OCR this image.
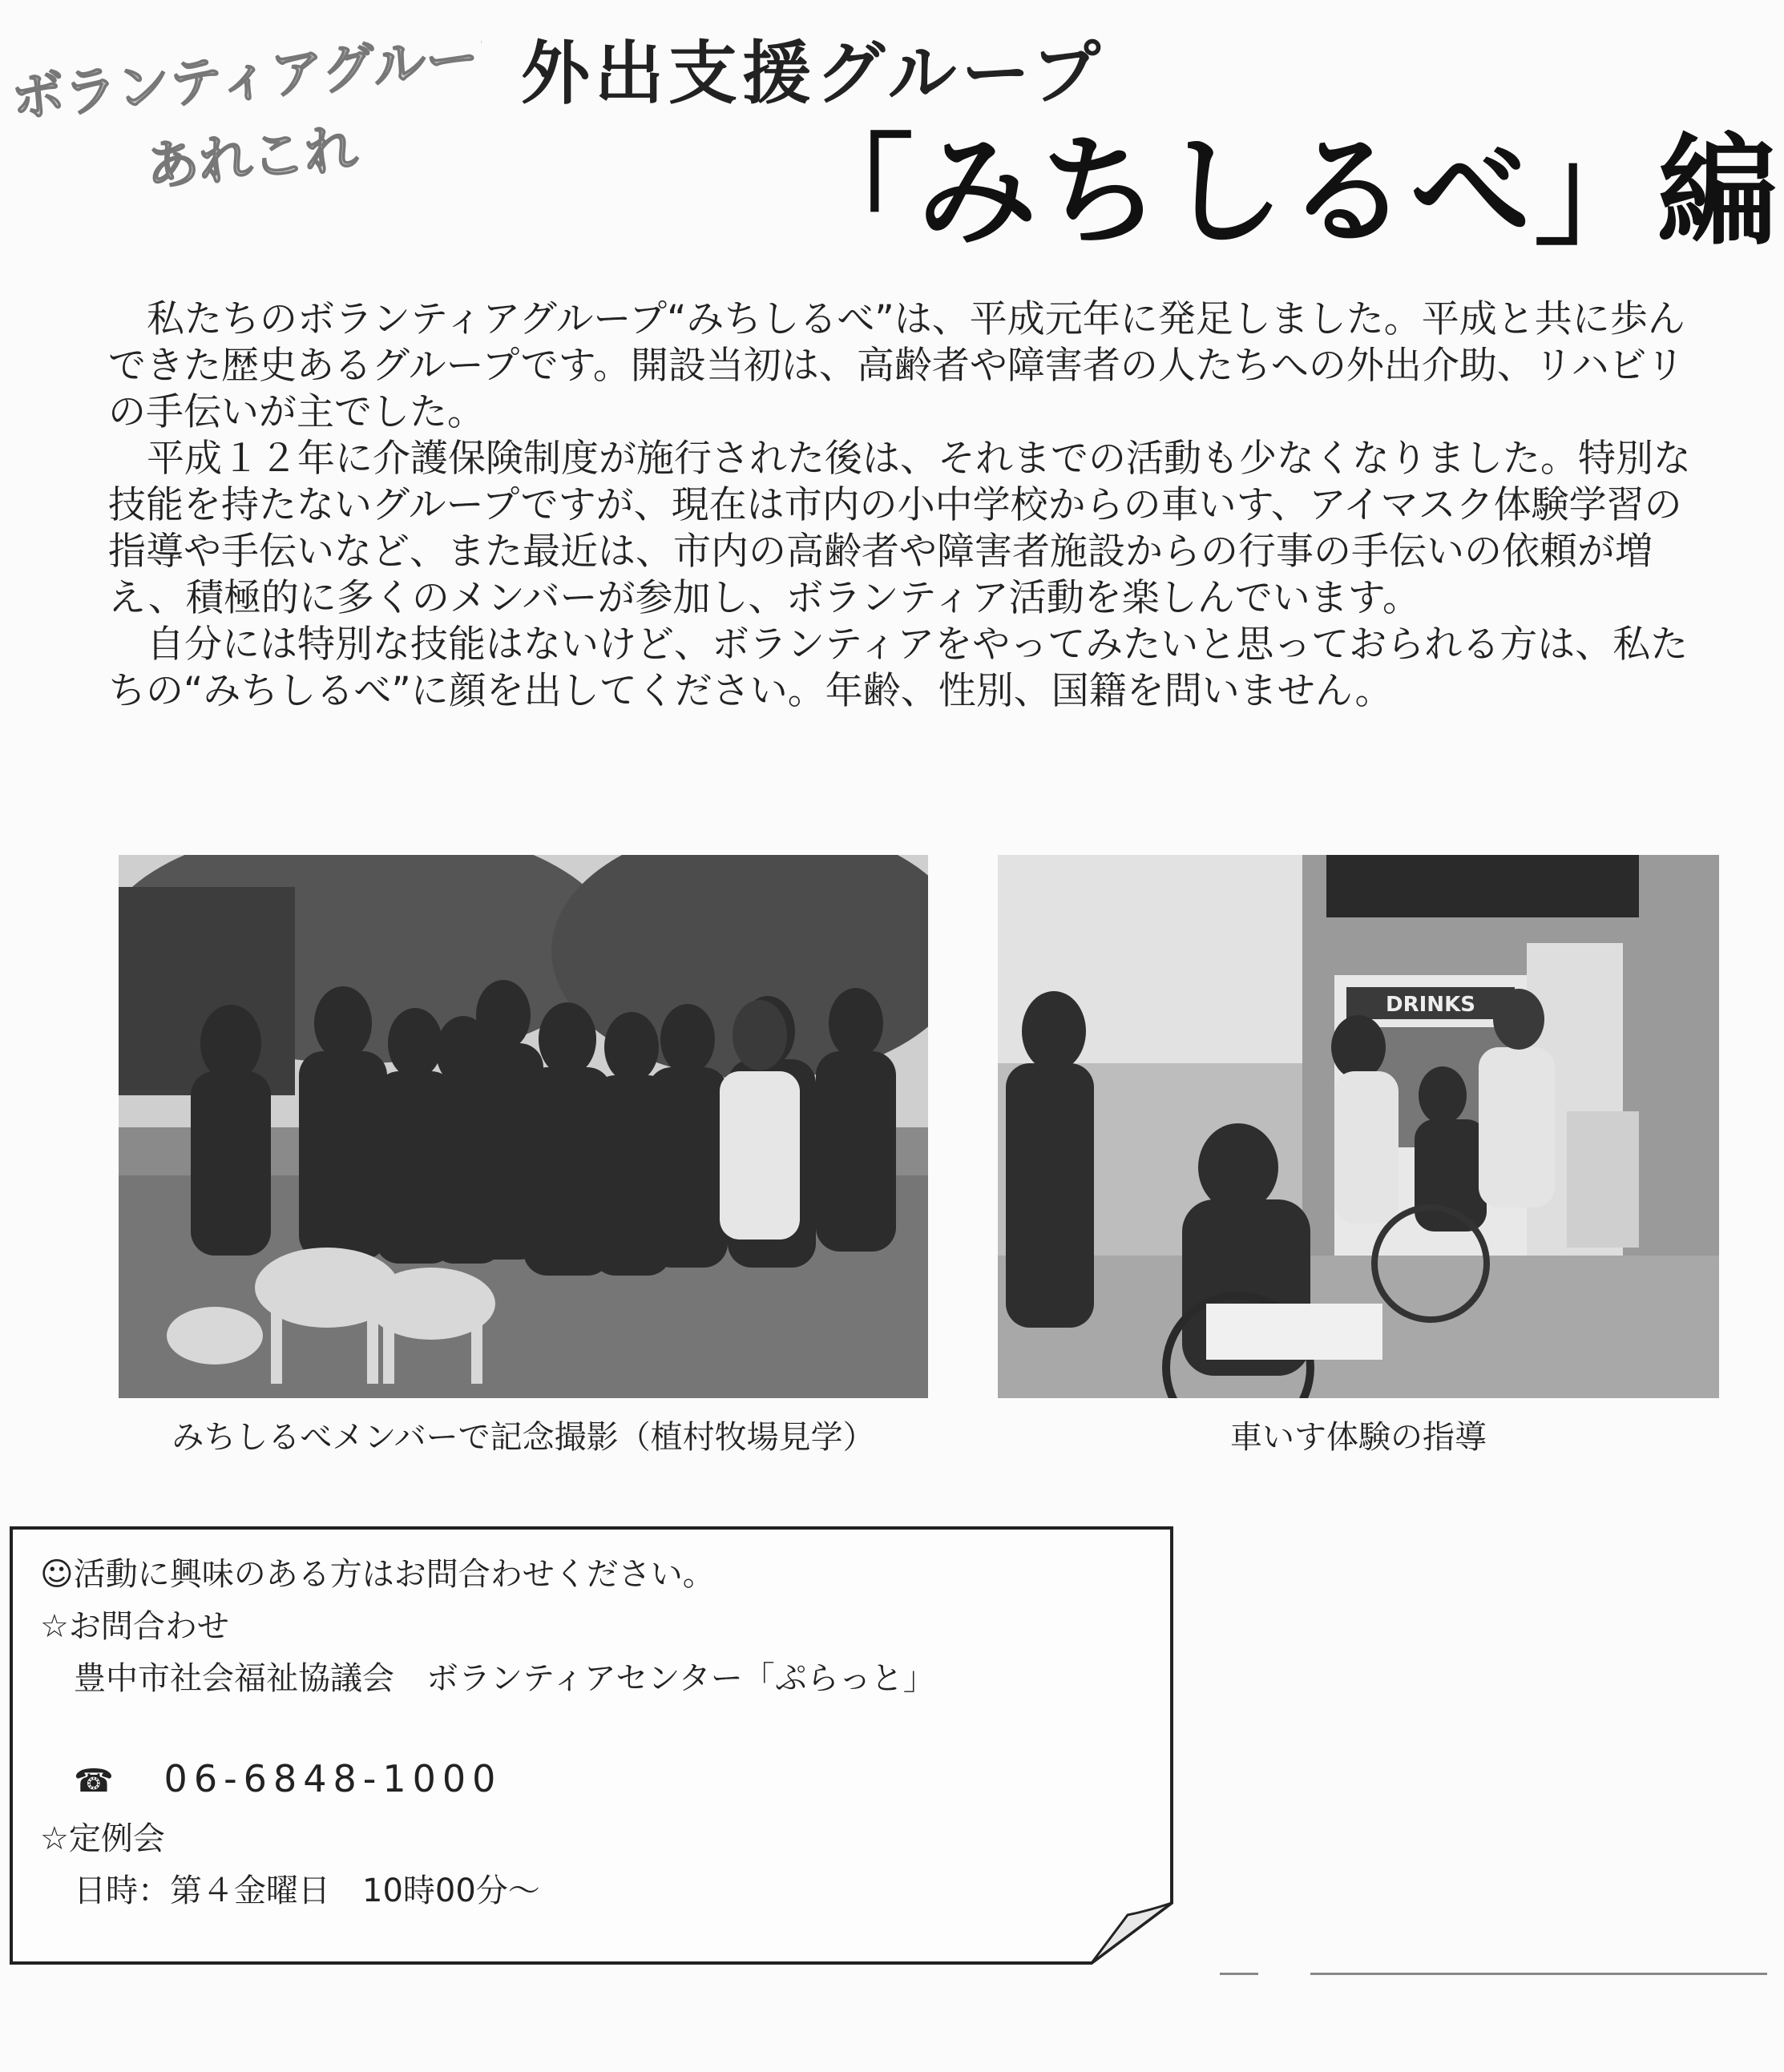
ボランティアグループ
あれこれ
外出支援グループ
「みちしるべ」編

私たちのボランティアグループ“みちしるべ”は、平成元年に発足しました。平成と共に歩んできた歴史あるグループです。開設当初は、高齢者や障害者の人たちへの外出介助、リハビリの手伝いが主でした。

平成１２年に介護保険制度が施行された後は、それまでの活動も少なくなりました。特別な技能を持たないグループですが、現在は市内の小中学校からの車いす、アイマスク体験学習の指導や手伝いなど、また最近は、市内の高齢者や障害者施設からの行事の手伝いの依頼が増え、積極的に多くのメンバーが参加し、ボランティア活動を楽しんでいます。

自分には特別な技能はないけど、ボランティアをやってみたいと思っておられる方は、私たちの“みちしるべ”に顔を出してください。年齢、性別、国籍を問いません。

みちしるべメンバーで記念撮影（植村牧場見学）
DRINKS
車いす体験の指導
☺活動に興味のある方はお問合わせください。
☆お問合わせ
豊中市社会福祉協議会　ボランティアセンター「ぷらっと」
☎ 06-6848-1000
☆定例会
日時：第４金曜日　10時00分～
